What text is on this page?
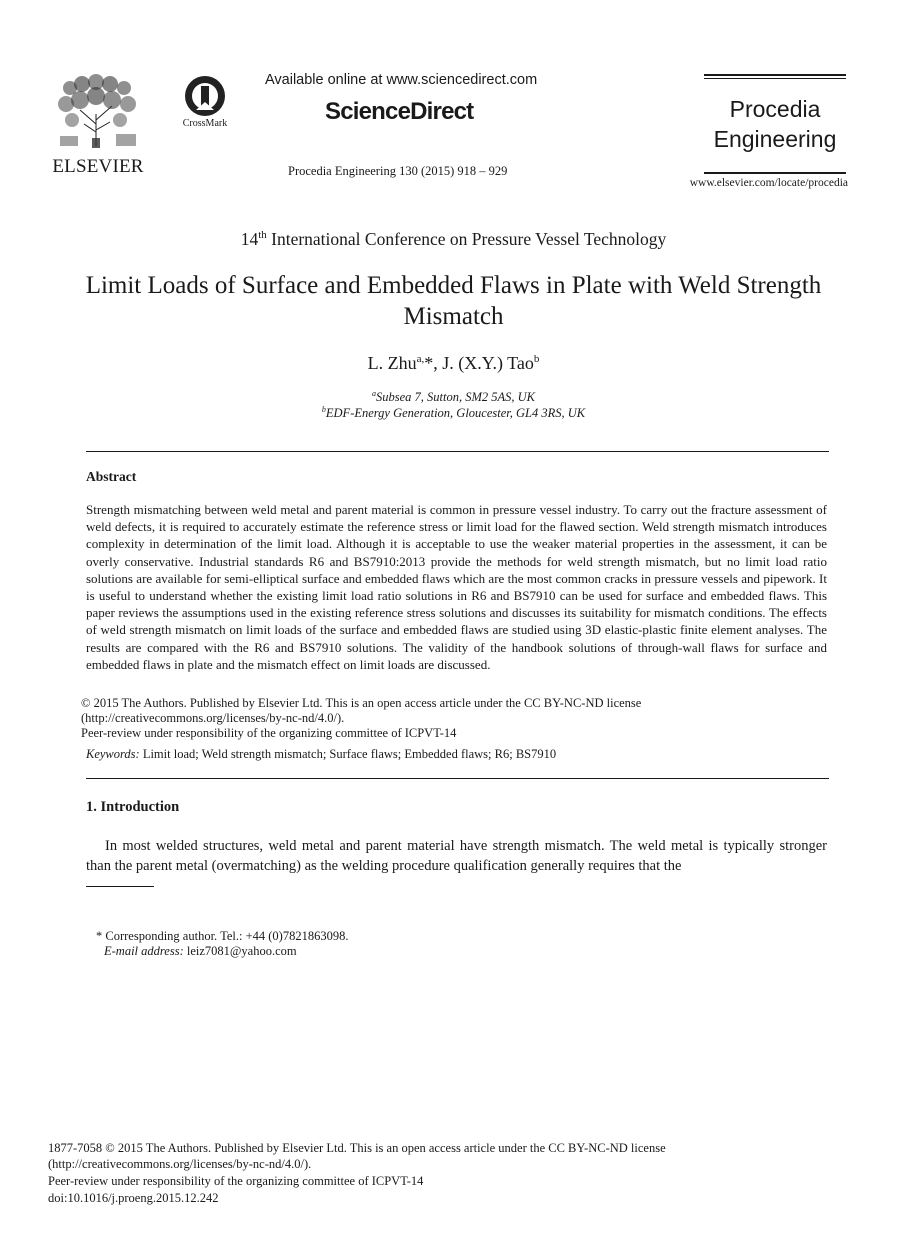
ELSEVIER
CrossMark
Available online at www.sciencedirect.com
ScienceDirect
Procedia Engineering 130 (2015) 918 – 929
Procedia
Engineering
www.elsevier.com/locate/procedia
14th International Conference on Pressure Vessel Technology
Limit Loads of Surface and Embedded Flaws in Plate with Weld Strength Mismatch
L. Zhu$^{a,}$*, J. (X.Y.) Tao$^b$
$^a$Subsea 7, Sutton, SM2 5AS, UK
$^b$EDF-Energy Generation, Gloucester, GL4 3RS, UK
Abstract
Strength mismatching between weld metal and parent material is common in pressure vessel industry. To carry out the fracture assessment of weld defects, it is required to accurately estimate the reference stress or limit load for the flawed section. Weld strength mismatch introduces complexity in determination of the limit load. Although it is acceptable to use the weaker material properties in the assessment, it can be overly conservative. Industrial standards R6 and BS7910:2013 provide the methods for weld strength mismatch, but no limit load ratio solutions are available for semi-elliptical surface and embedded flaws which are the most common cracks in pressure vessels and pipework. It is useful to understand whether the existing limit load ratio solutions in R6 and BS7910 can be used for surface and embedded flaws. This paper reviews the assumptions used in the existing reference stress solutions and discusses its suitability for mismatch conditions. The effects of weld strength mismatch on limit loads of the surface and embedded flaws are studied using 3D elastic-plastic finite element analyses. The results are compared with the R6 and BS7910 solutions. The validity of the handbook solutions of through-wall flaws for surface and embedded flaws in plate and the mismatch effect on limit loads are discussed.
© 2015 The Authors. Published by Elsevier Ltd. This is an open access article under the CC BY-NC-ND license
(http://creativecommons.org/licenses/by-nc-nd/4.0/).
Peer-review under responsibility of the organizing committee of ICPVT-14
Keywords: Limit load; Weld strength mismatch; Surface flaws; Embedded flaws; R6; BS7910
1. Introduction
In most welded structures, weld metal and parent material have strength mismatch. The weld metal is typically stronger than the parent metal (overmatching) as the welding procedure qualification generally requires that the
* Corresponding author. Tel.: +44 (0)7821863098.
E-mail address: leiz7081@yahoo.com
1877-7058 © 2015 The Authors. Published by Elsevier Ltd. This is an open access article under the CC BY-NC-ND license
(http://creativecommons.org/licenses/by-nc-nd/4.0/).
Peer-review under responsibility of the organizing committee of ICPVT-14
doi:10.1016/j.proeng.2015.12.242
